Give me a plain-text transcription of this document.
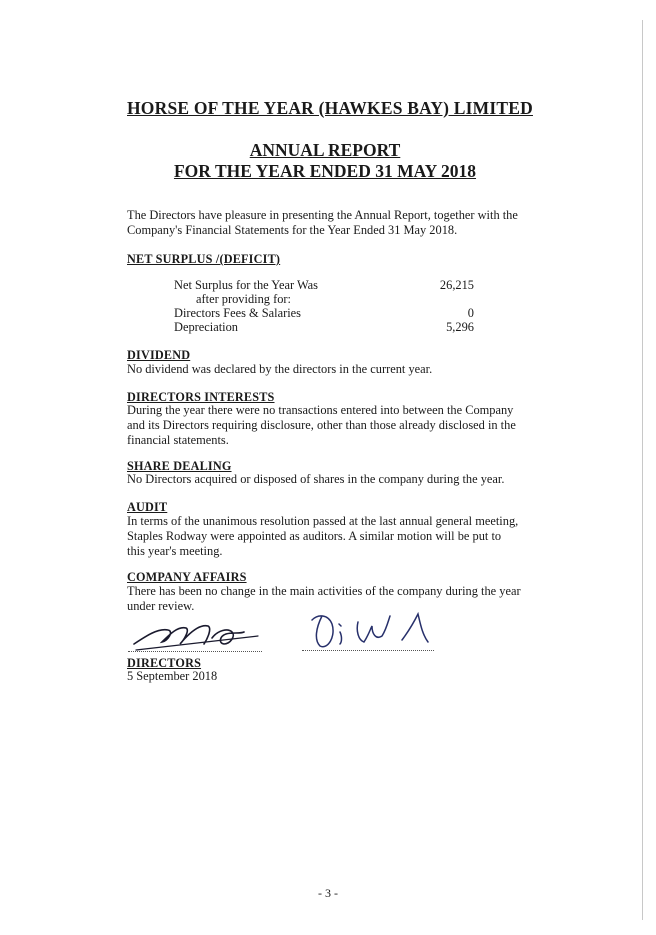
HORSE OF THE YEAR (HAWKES BAY) LIMITED
ANNUAL REPORT
FOR THE YEAR ENDED 31 MAY 2018
The Directors have pleasure in presenting the Annual Report, together with the Company's Financial Statements for the Year Ended 31 May 2018.
NET SURPLUS /(DEFICIT)
Net Surplus for the Year Was	26,215
after providing for:
Directors Fees & Salaries	0
Depreciation	5,296
DIVIDEND
No dividend was declared by the directors in the current year.
DIRECTORS INTERESTS
During the year there were no transactions entered into between the Company and its Directors requiring disclosure, other than those already disclosed in the financial statements.
SHARE DEALING
No Directors acquired or disposed of shares in the company during the year.
AUDIT
In terms of the unanimous resolution passed at the last annual general meeting, Staples Rodway were appointed as auditors. A similar motion will be put to this year's meeting.
COMPANY AFFAIRS
There has been no change in the main activities of the company during the year under review.
DIRECTORS
5 September 2018
- 3 -
